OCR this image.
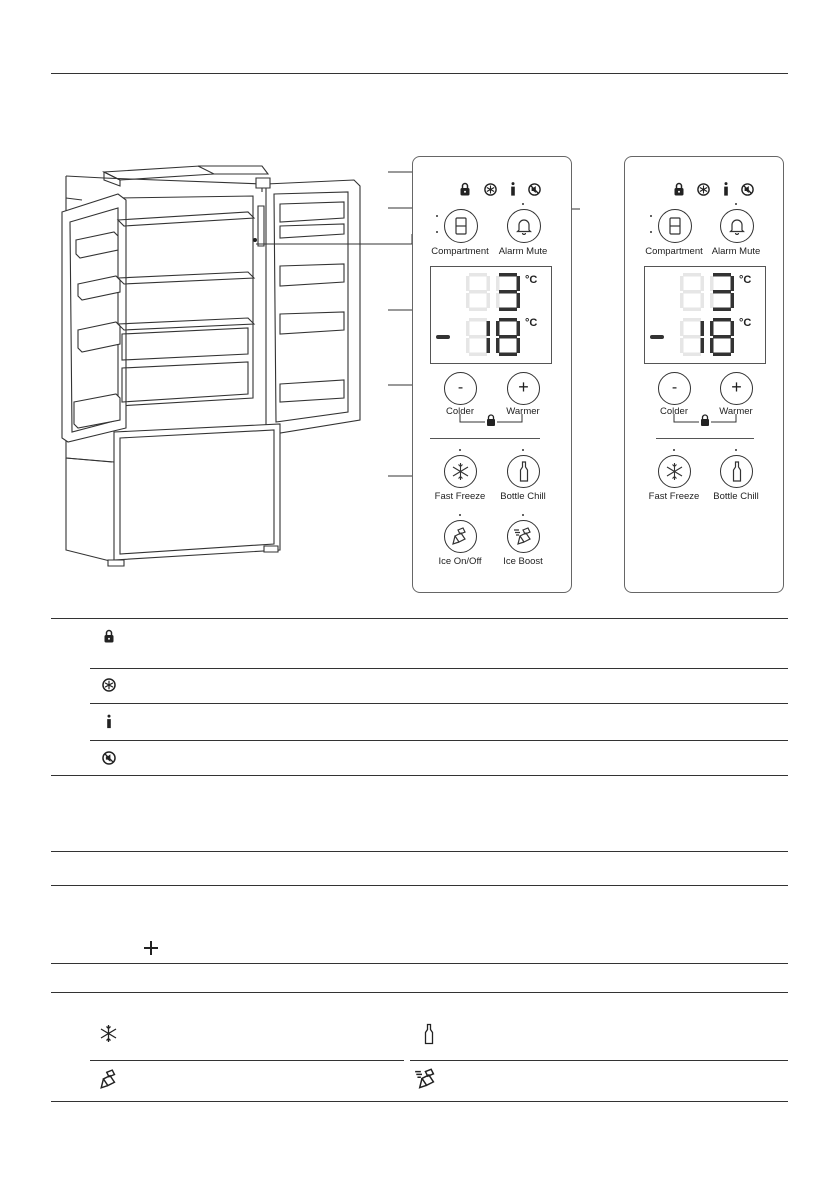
Compartment	Alarm Mute
°C
°C
-
Colder
+
Warmer
Fast Freeze	Bottle Chill
Ice On/Off	Ice Boost
Compartment Alarm Mute
°C
°C
-
Colder
+
Warmer
Fast Freeze	Bottle Chill
